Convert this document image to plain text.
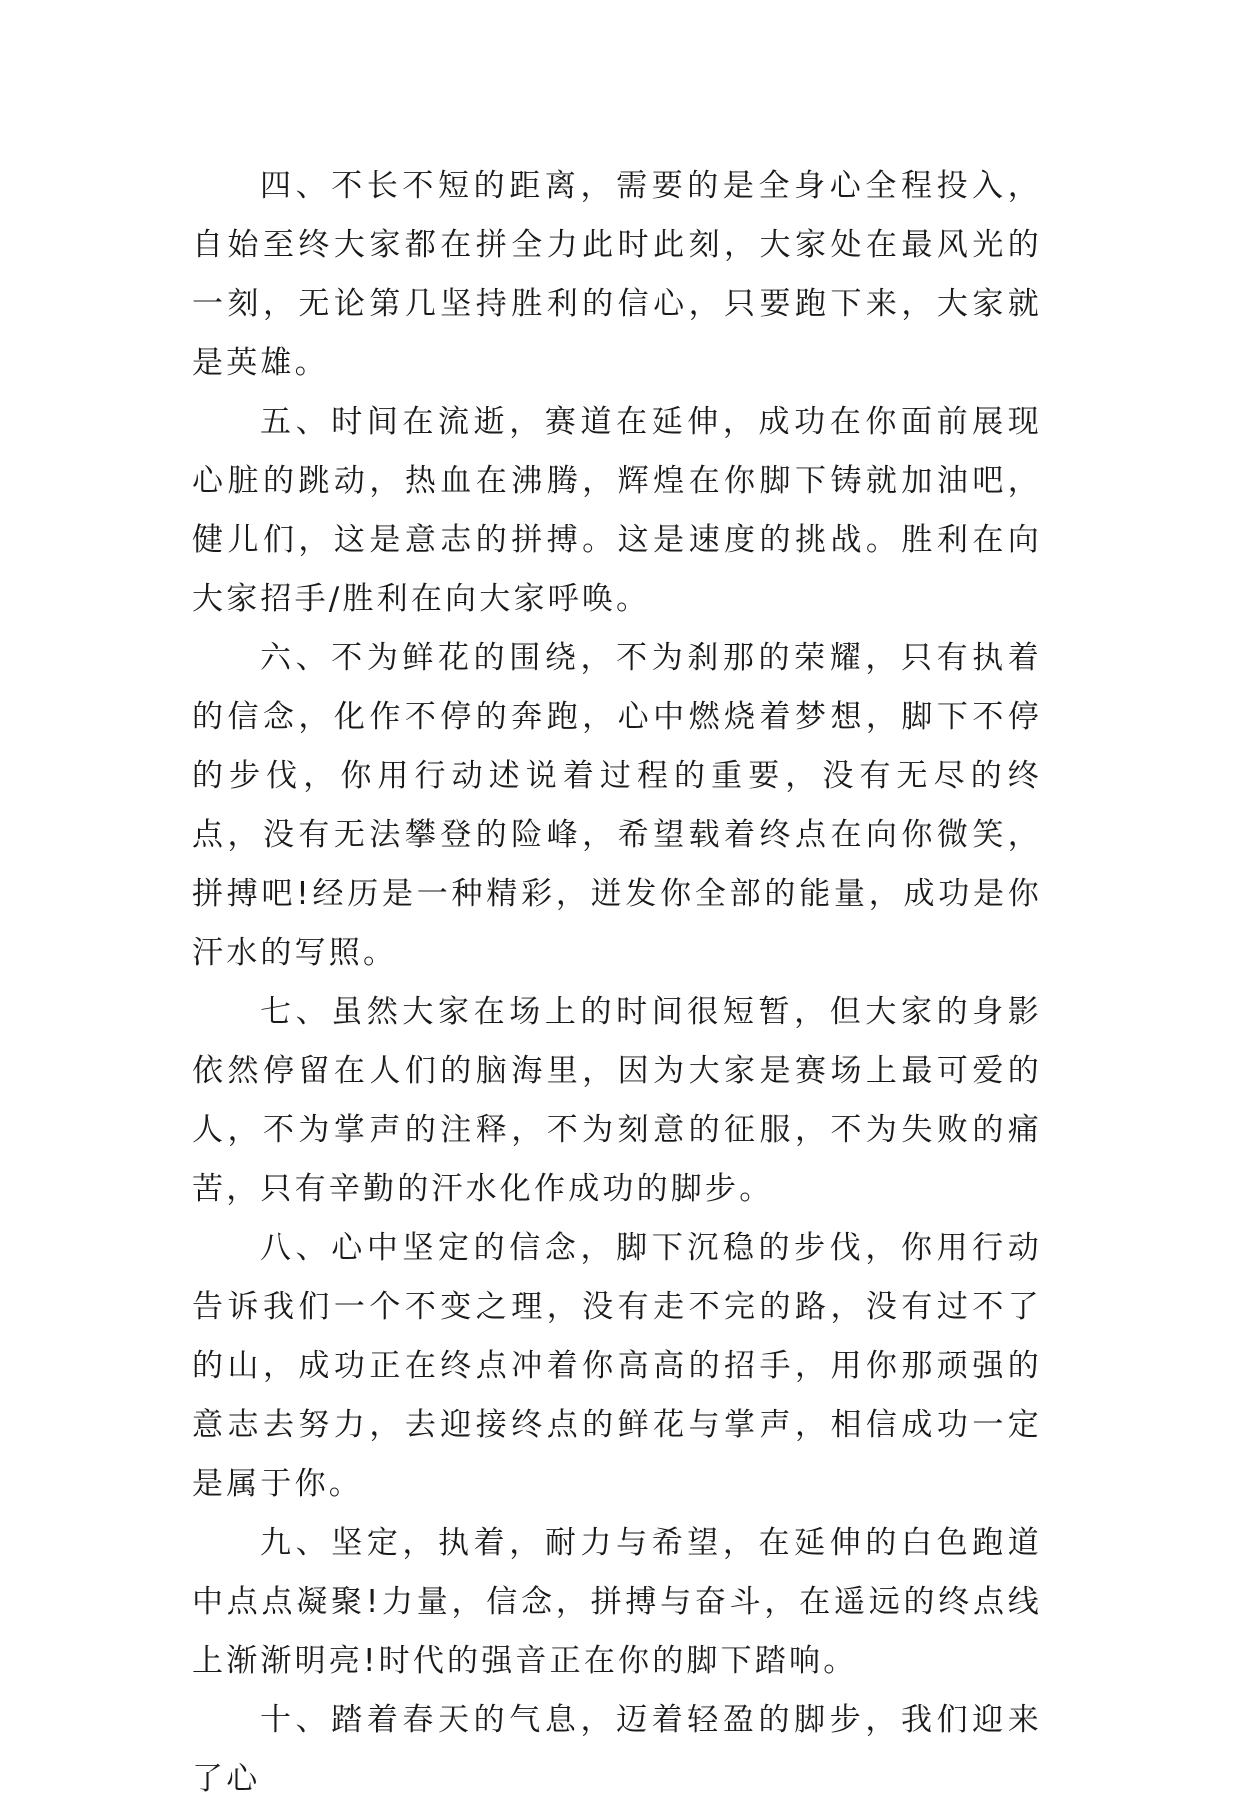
四、不长不短的距离，需要的是全身心全程投入，自始至终大家都在拼全力此时此刻，大家处在最风光的一刻，无论第几坚持胜利的信心，只要跑下来，大家就是英雄。

五、时间在流逝，赛道在延伸，成功在你面前展现心脏的跳动，热血在沸腾，辉煌在你脚下铸就加油吧，健儿们，这是意志的拼搏。这是速度的挑战。胜利在向大家招手/胜利在向大家呼唤。

六、不为鲜花的围绕，不为刹那的荣耀，只有执着的信念，化作不停的奔跑，心中燃烧着梦想，脚下不停的步伐，你用行动述说着过程的重要，没有无尽的终点，没有无法攀登的险峰，希望载着终点在向你微笑，拼搏吧!经历是一种精彩，迸发你全部的能量，成功是你汗水的写照。

七、虽然大家在场上的时间很短暂，但大家的身影依然停留在人们的脑海里，因为大家是赛场上最可爱的人，不为掌声的注释，不为刻意的征服，不为失败的痛苦，只有辛勤的汗水化作成功的脚步。

八、心中坚定的信念，脚下沉稳的步伐，你用行动告诉我们一个不变之理，没有走不完的路，没有过不了的山，成功正在终点冲着你高高的招手，用你那顽强的意志去努力，去迎接终点的鲜花与掌声，相信成功一定是属于你。

九、坚定，执着，耐力与希望，在延伸的白色跑道中点点凝聚!力量，信念，拼搏与奋斗，在遥远的终点线上渐渐明亮!时代的强音正在你的脚下踏响。

十、踏着春天的气息，迈着轻盈的脚步，我们迎来了心
